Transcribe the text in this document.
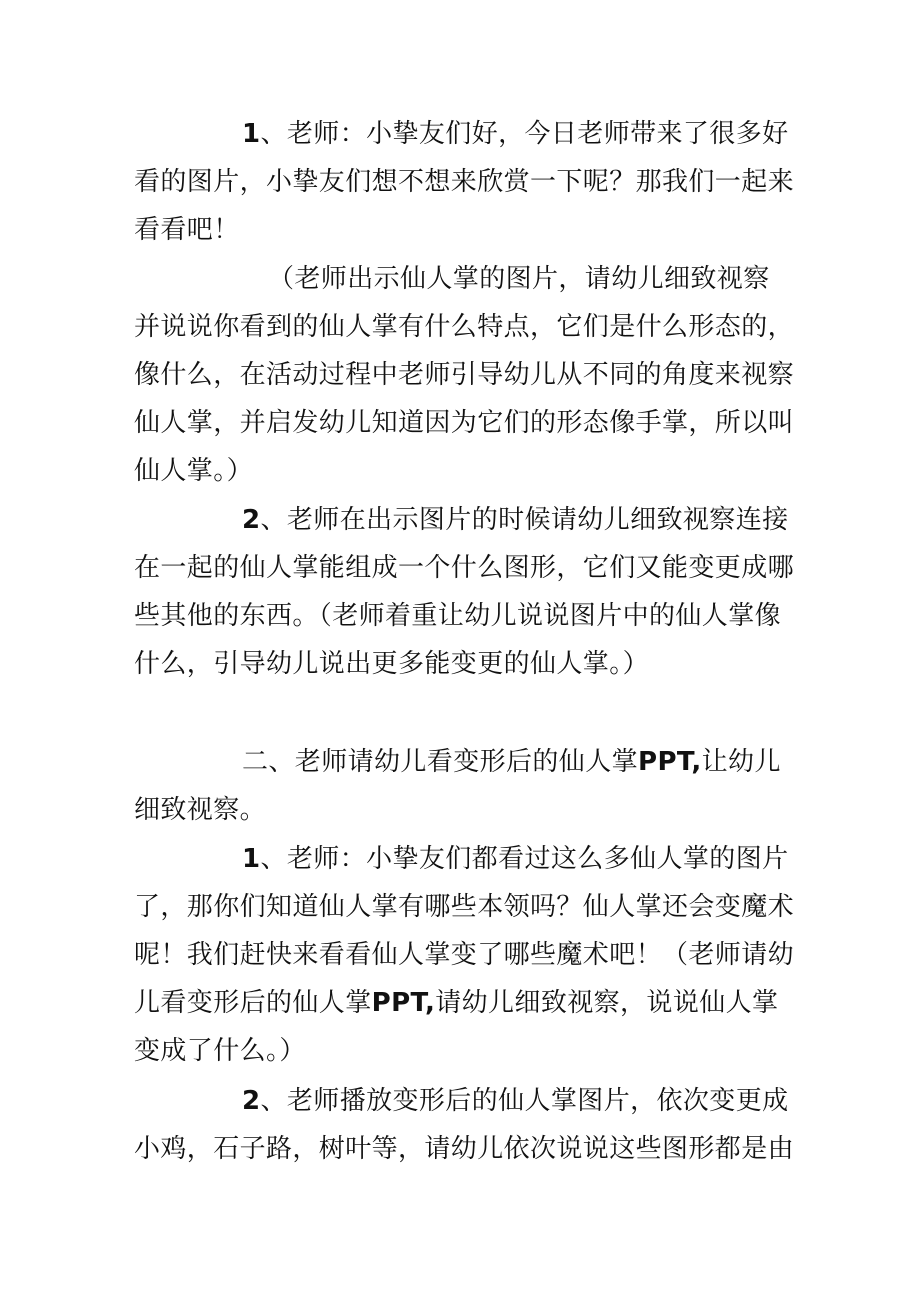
1、老师：小挚友们好，今日老师带来了很多好看的图片，小挚友们想不想来欣赏一下呢？那我们一起来看看吧！

（老师出示仙人掌的图片，请幼儿细致视察并说说你看到的仙人掌有什么特点，它们是什么形态的，像什么，在活动过程中老师引导幼儿从不同的角度来视察仙人掌，并启发幼儿知道因为它们的形态像手掌，所以叫仙人掌。）

2、老师在出示图片的时候请幼儿细致视察连接在一起的仙人掌能组成一个什么图形，它们又能变更成哪些其他的东西。（老师着重让幼儿说说图片中的仙人掌像什么，引导幼儿说出更多能变更的仙人掌。）

二、老师请幼儿看变形后的仙人掌PPT,让幼儿细致视察。

1、老师：小挚友们都看过这么多仙人掌的图片了，那你们知道仙人掌有哪些本领吗？仙人掌还会变魔术呢！我们赶快来看看仙人掌变了哪些魔术吧！（老师请幼儿看变形后的仙人掌PPT,请幼儿细致视察，说说仙人掌变成了什么。）

2、老师播放变形后的仙人掌图片，依次变更成小鸡，石子路，树叶等，请幼儿依次说说这些图形都是由
